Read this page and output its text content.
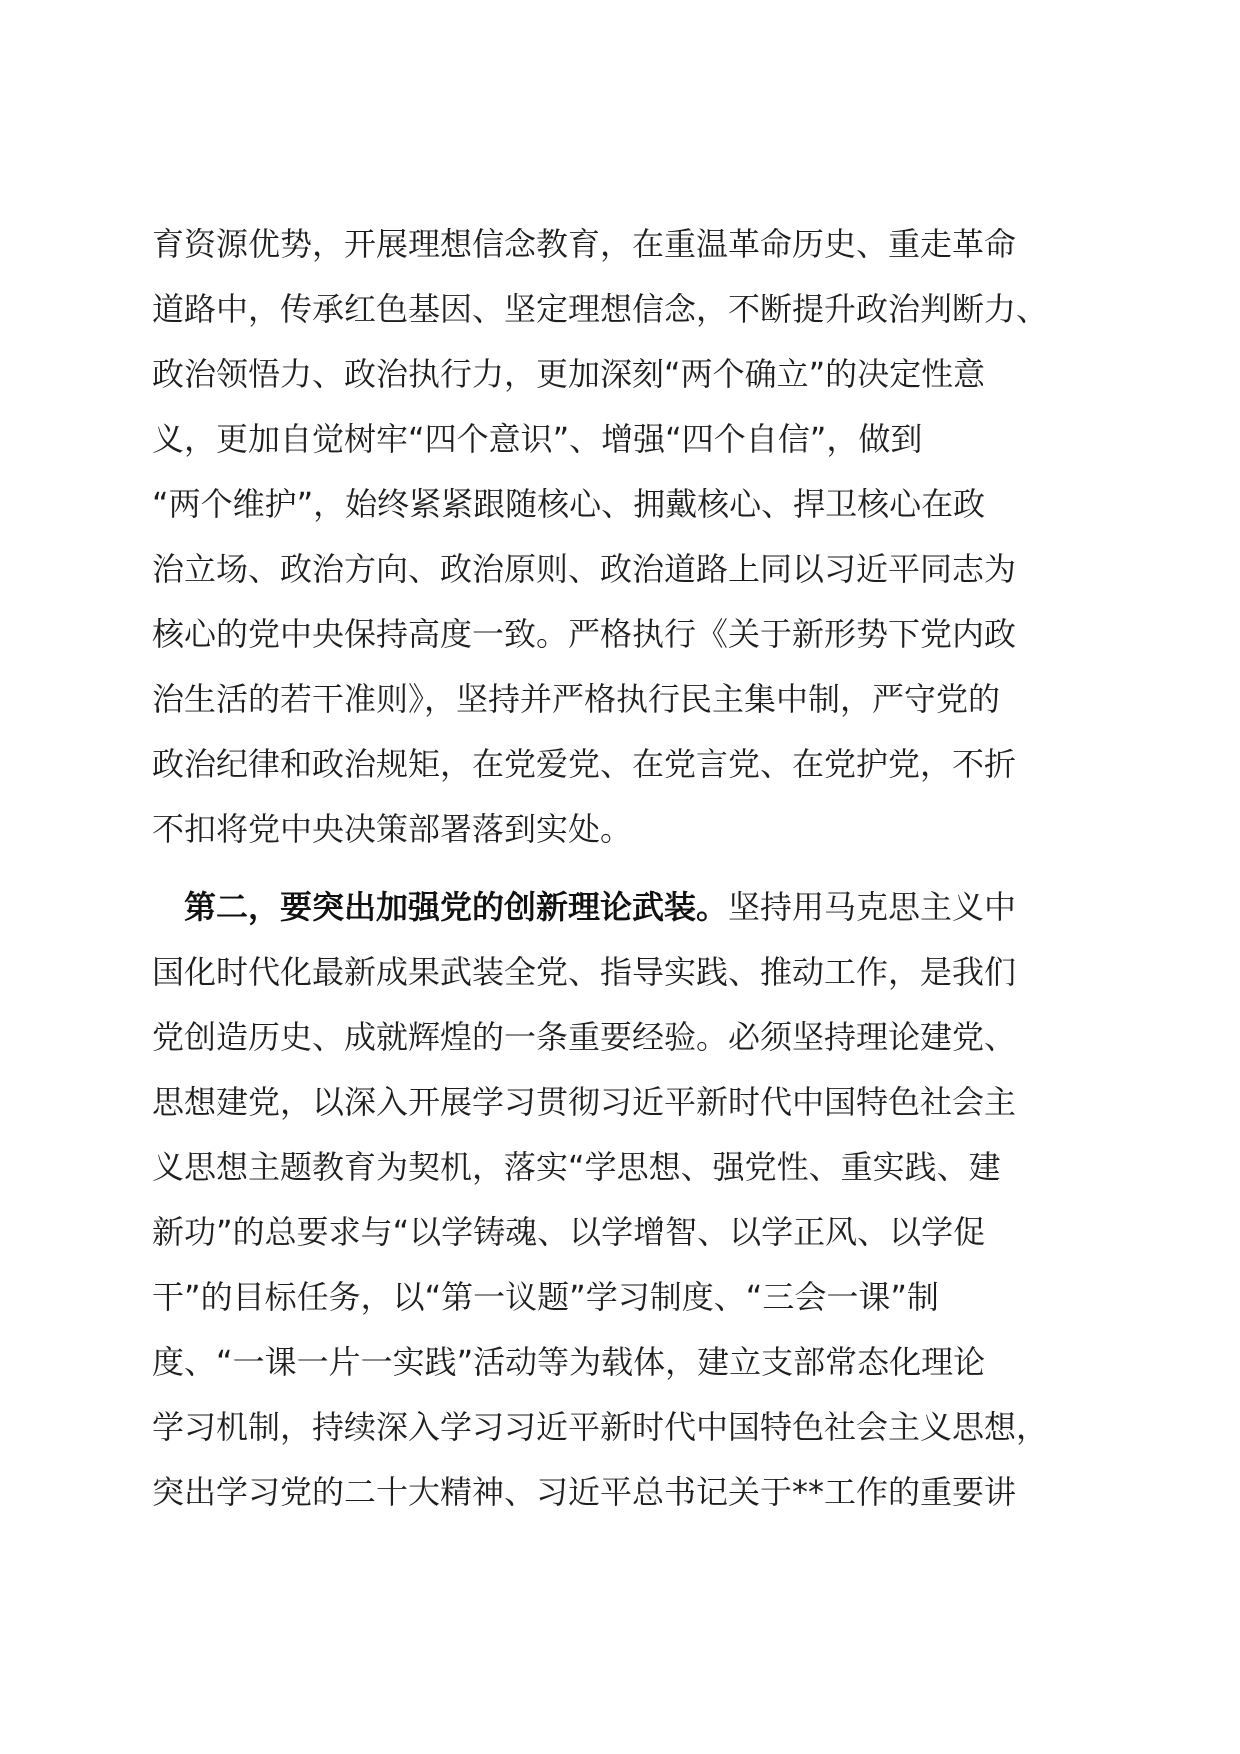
育资源优势，开展理想信念教育，在重温革命历史、重走革命
道路中，传承红色基因、坚定理想信念，不断提升政治判断力、
政治领悟力、政治执行力，更加深刻“两个确立”的决定性意
义，更加自觉树牢“四个意识”、增强“四个自信”，做到
“两个维护”，始终紧紧跟随核心、拥戴核心、捍卫核心在政
治立场、政治方向、政治原则、政治道路上同以习近平同志为
核心的党中央保持高度一致。严格执行《关于新形势下党内政
治生活的若干准则》，坚持并严格执行民主集中制，严守党的
政治纪律和政治规矩，在党爱党、在党言党、在党护党，不折
不扣将党中央决策部署落到实处。
　第二，要突出加强党的创新理论武装。坚持用马克思主义中
国化时代化最新成果武装全党、指导实践、推动工作，是我们
党创造历史、成就辉煌的一条重要经验。必须坚持理论建党、
思想建党，以深入开展学习贯彻习近平新时代中国特色社会主
义思想主题教育为契机，落实“学思想、强党性、重实践、建
新功”的总要求与“以学铸魂、以学增智、以学正风、以学促
干”的目标任务，以“第一议题”学习制度、“三会一课”制
度、“一课一片一实践”活动等为载体，建立支部常态化理论
学习机制，持续深入学习习近平新时代中国特色社会主义思想，
突出学习党的二十大精神、习近平总书记关于**工作的重要讲
